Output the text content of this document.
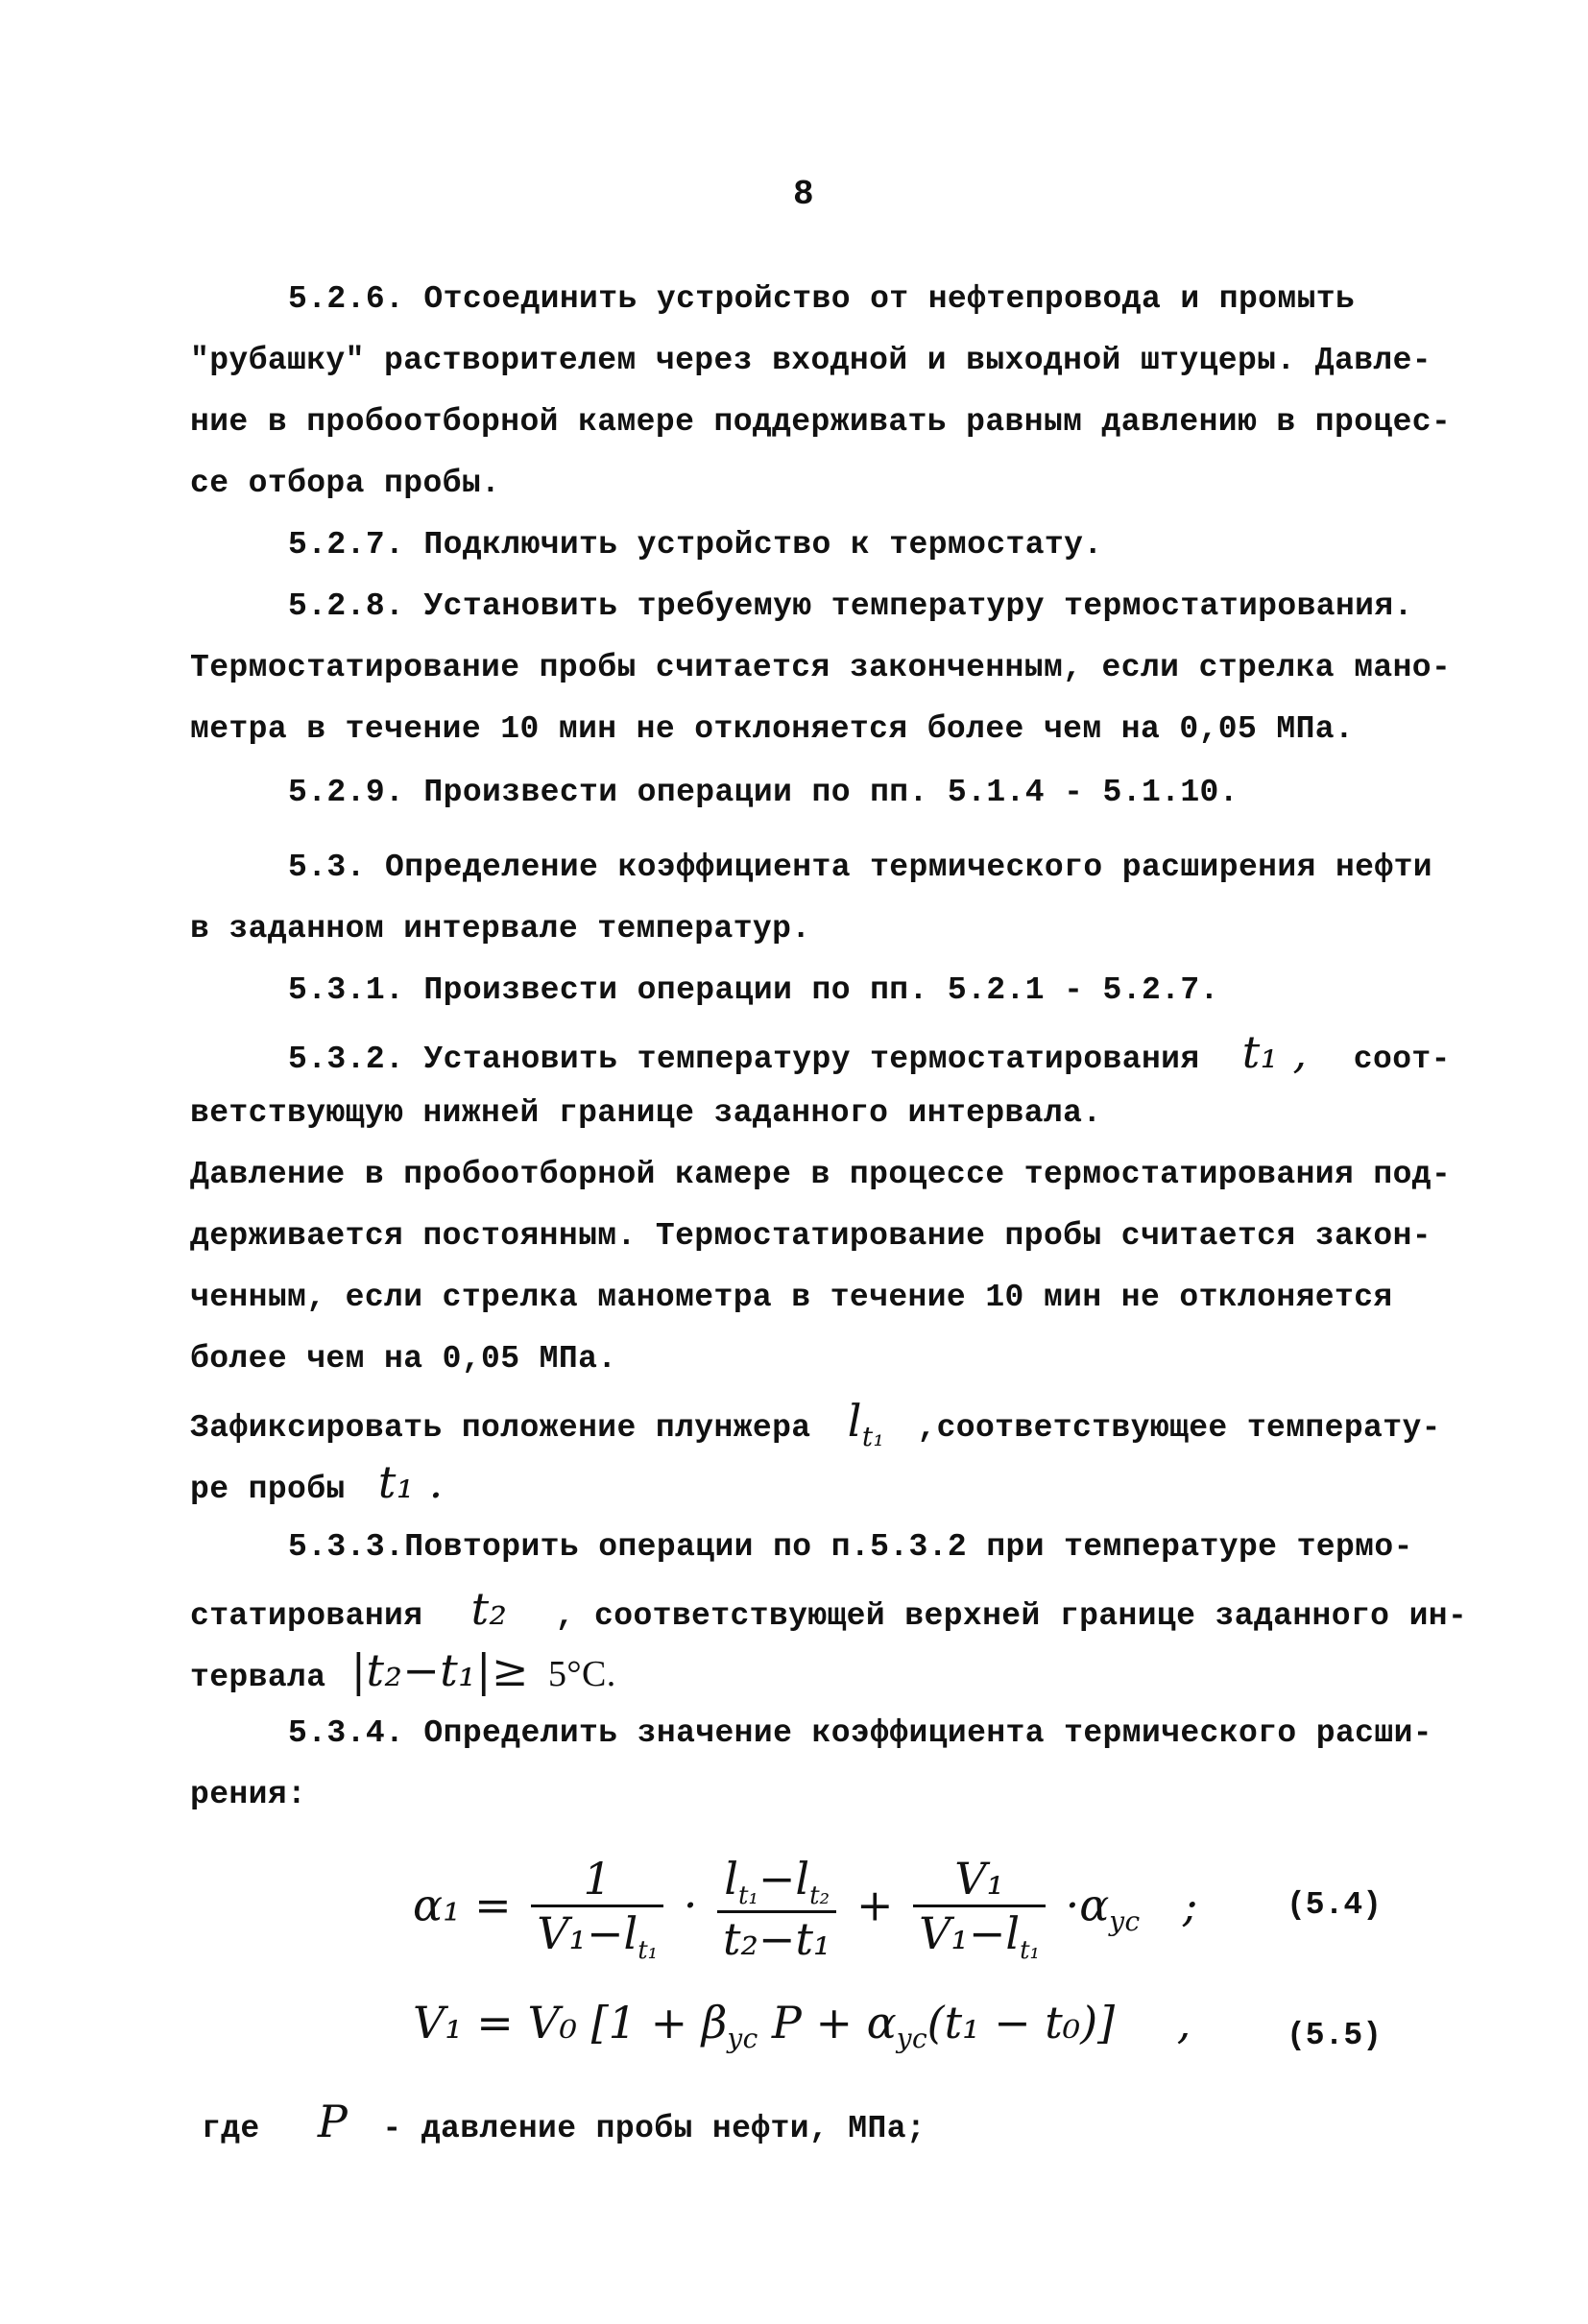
8
5.2.6. Отсоединить устройство от нефтепровода и промыть
"рубашку" растворителем через входной и выходной штуцеры. Давле-
ние в пробоотборной камере поддерживать равным давлению в процес-
се отбора пробы.
5.2.7. Подключить устройство к термостату.
5.2.8. Установить требуемую температуру термостатирования.
Термостатирование пробы считается законченным, если стрелка мано-
метра в течение 10 мин не отклоняется более чем на 0,05 МПа.
5.2.9. Произвести операции по пп. 5.1.4 - 5.1.10.
5.3. Определение коэффициента термического расширения нефти
в заданном интервале температур.
5.3.1. Произвести операции по пп. 5.2.1 - 5.2.7.
5.3.2. Установить температуру термостатирования t₁ , соот-
ветствующую нижней границе заданного интервала.
Давление в пробоотборной камере в процессе термостатирования под-
держивается постоянным. Термостатирование пробы считается закон-
ченным, если стрелка манометра в течение 10 мин не отклоняется
более чем на 0,05 МПа.
Зафиксировать положение плунжера $l_{t_1}$ ,соответствующее температу-
ре пробы t₁ .
5.3.3.Повторить операции по п.5.3.2 при температуре термо-
статирования t₂ , соответствующей верхней границе заданного ин-
тервала |t₂−t₁|≥ 5°С.
5.3.4. Определить значение коэффициента термического расши-
рения:
$\alpha_1 = \frac{1}{V_1-l_{t_1}} \cdot \frac{l_{t_1}-l_{t_2}}{\text{t₂−t₁}} + \frac{\text{V₁}}{V_1-l_{t_1}} \cdot\alpha_{уc}$ ;	(5.4)
V₁ = V₀ [$1 + \beta_{уc}$ $P + \alpha_{уc}(t_1 - t_0)$] ,	(5.5)
где P - давление пробы нефти, МПа;
